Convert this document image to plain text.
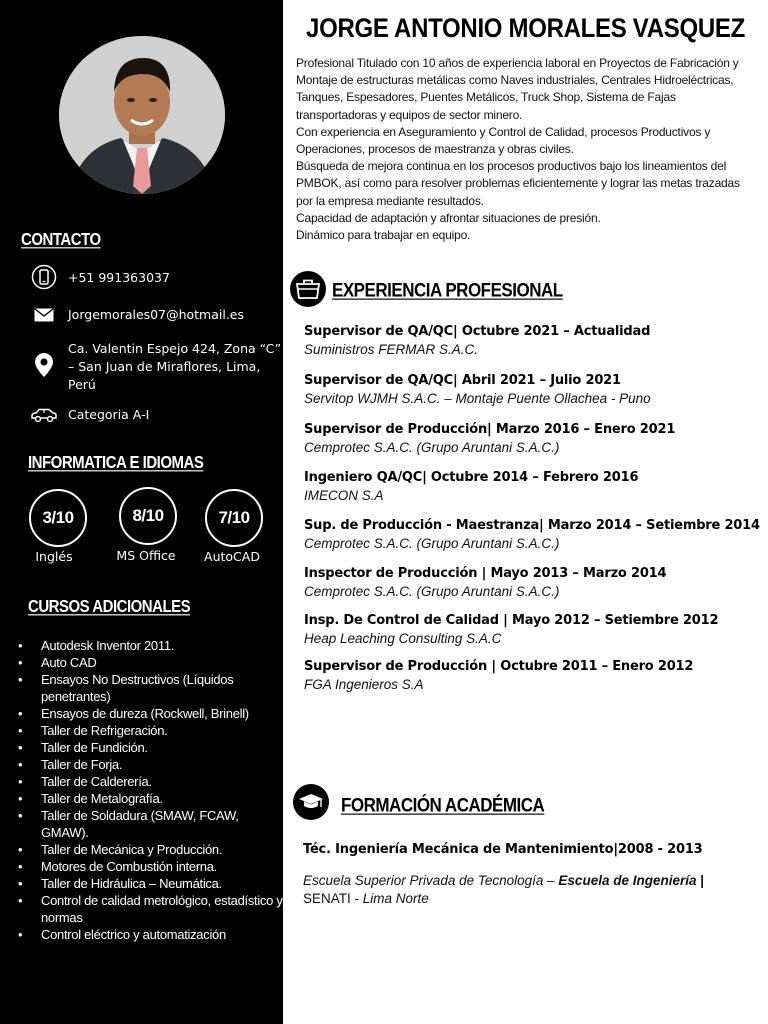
CONTACTO
+51 991363037
Jorgemorales07@hotmail.es
Ca. Valentin Espejo 424, Zona “C”
– San Juan de Miraflores, Lima,
Perú
Categoria A-I
INFORMATICA E IDIOMAS
3/10	8/10	7/10
Inglés	MS Office	AutoCAD
CURSOS ADICIONALES
• Autodesk Inventor 2011.
• Auto CAD
• Ensayos No Destructivos (Líquidos penetrantes)
• Ensayos de dureza (Rockwell, Brinell)
• Taller de Refrigeración.
• Taller de Fundición.
• Taller de Forja.
• Taller de Calderería.
• Taller de Metalografía.
• Taller de Soldadura (SMAW, FCAW, GMAW).
• Taller de Mecánica y Producción.
• Motores de Combustión interna.
• Taller de Hidráulica – Neumática.
• Control de calidad metrológico, estadístico y normas
• Control eléctrico y automatización
JORGE ANTONIO MORALES VASQUEZ
Profesional Titulado con 10 años de experiencia laboral en Proyectos de Fabricación y Montaje de estructuras metálicas como Naves industriales, Centrales Hidroeléctricas, Tanques, Espesadores, Puentes Metálicos, Truck Shop, Sistema de Fajas transportadoras y equipos de sector minero.
Con experiencia en Aseguramiento y Control de Calidad, procesos Productivos y Operaciones, procesos de maestranza y obras civiles.
Búsqueda de mejora continua en los procesos productivos bajo los lineamientos del PMBOK, así como para resolver problemas eficientemente y lograr las metas trazadas por la empresa mediante resultados.
Capacidad de adaptación y afrontar situaciones de presión.
Dinámico para trabajar en equipo.
EXPERIENCIA PROFESIONAL
Supervisor de QA/QC| Octubre 2021 – Actualidad
Suministros FERMAR S.A.C.
Supervisor de QA/QC| Abril 2021 – Julio 2021
Servitop WJMH S.A.C. – Montaje Puente Ollachea - Puno
Supervisor de Producción| Marzo 2016 – Enero 2021
Cemprotec S.A.C. (Grupo Aruntani S.A.C.)
Ingeniero QA/QC| Octubre 2014 – Febrero 2016
IMECON S.A
Sup. de Producción - Maestranza| Marzo 2014 – Setiembre 2014
Cemprotec S.A.C. (Grupo Aruntani S.A.C.)
Inspector de Producción | Mayo 2013 – Marzo 2014
Cemprotec S.A.C. (Grupo Aruntani S.A.C.)
Insp. De Control de Calidad | Mayo 2012 – Setiembre 2012
Heap Leaching Consulting S.A.C
Supervisor de Producción | Octubre 2011 – Enero 2012
FGA Ingenieros S.A
FORMACIÓN ACADÉMICA
Téc. Ingeniería Mecánica de Mantenimiento|2008 - 2013
Escuela Superior Privada de Tecnología – Escuela de Ingeniería |
SENATI - Lima Norte
